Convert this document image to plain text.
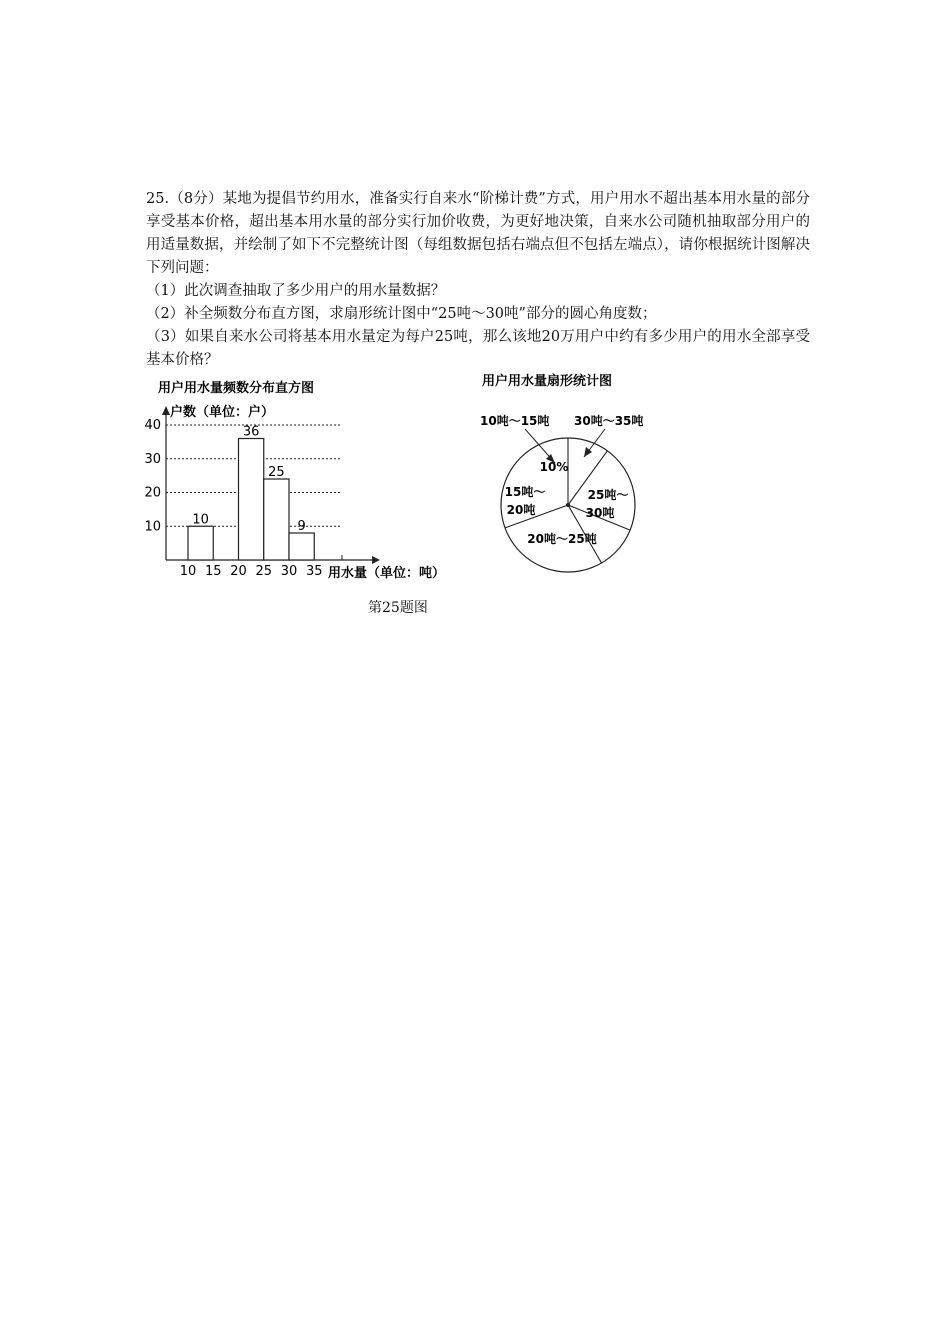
25.（8分）某地为提倡节约用水，准备实行自来水“阶梯计费”方式，用户用水不超出基本用水量的部分享受基本价格，超出基本用水量的部分实行加价收费，为更好地决策，自来水公司随机抽取部分用户的用适量数据，并绘制了如下不完整统计图（每组数据包括右端点但不包括左端点），请你根据统计图解决下列问题：

（1）此次调查抽取了多少用户的用水量数据？

（2）补全频数分布直方图，求扇形统计图中“25吨～30吨”部分的圆心角度数；

（3）如果自来水公司将基本用水量定为每户25吨，那么该地20万用户中约有多少用户的用水全部享受基本价格？

用户用水量频数分布直方图
户数（单位：户）
用水量（单位：吨）
10
36
25
9
10
20
30
40
10 15 20 25 30 35
用户用水量扇形统计图
10吨～15吨 30吨～35吨
10%
15吨～
20吨
25吨～
30吨
20吨～25吨
第25题图
